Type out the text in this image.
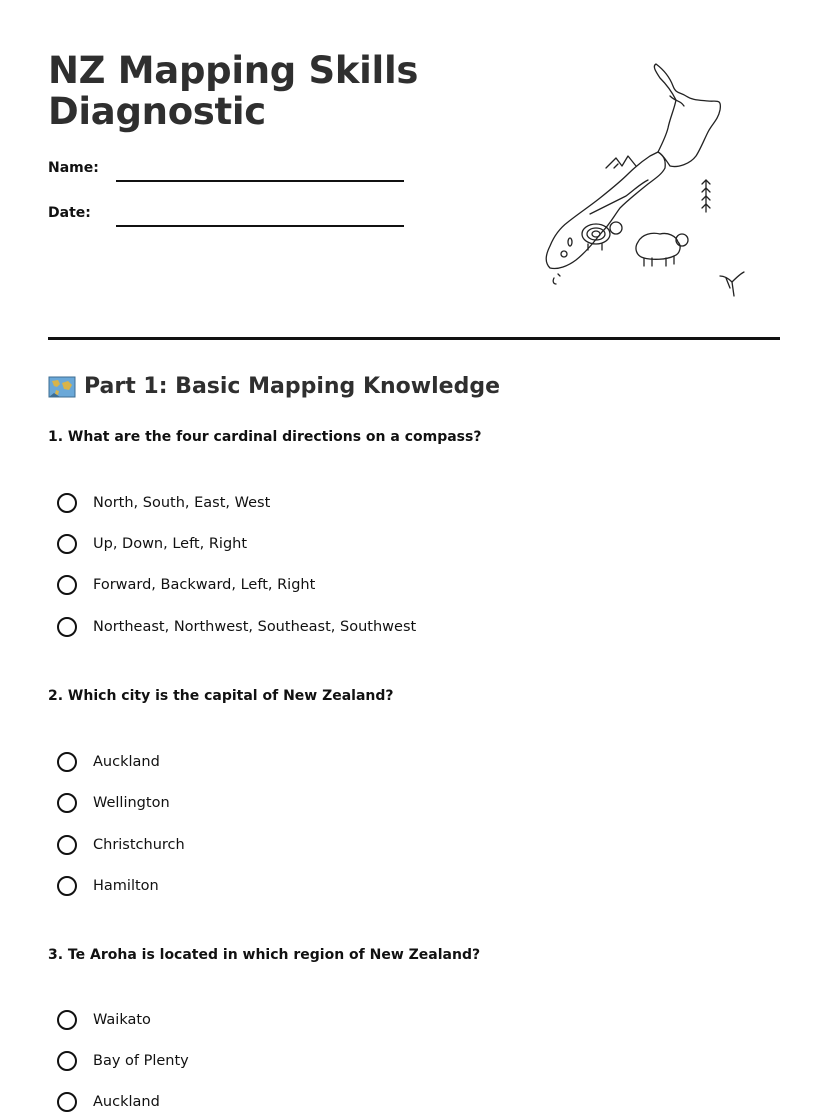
NZ Mapping Skills Diagnostic
Name:
Date:
Part 1: Basic Mapping Knowledge

1. What are the four cardinal directions on a compass?

North, South, East, West
Up, Down, Left, Right
Forward, Backward, Left, Right
Northeast, Northwest, Southeast, Southwest

2. Which city is the capital of New Zealand?

Auckland
Wellington
Christchurch
Hamilton

3. Te Aroha is located in which region of New Zealand?

Waikato
Bay of Plenty
Auckland
